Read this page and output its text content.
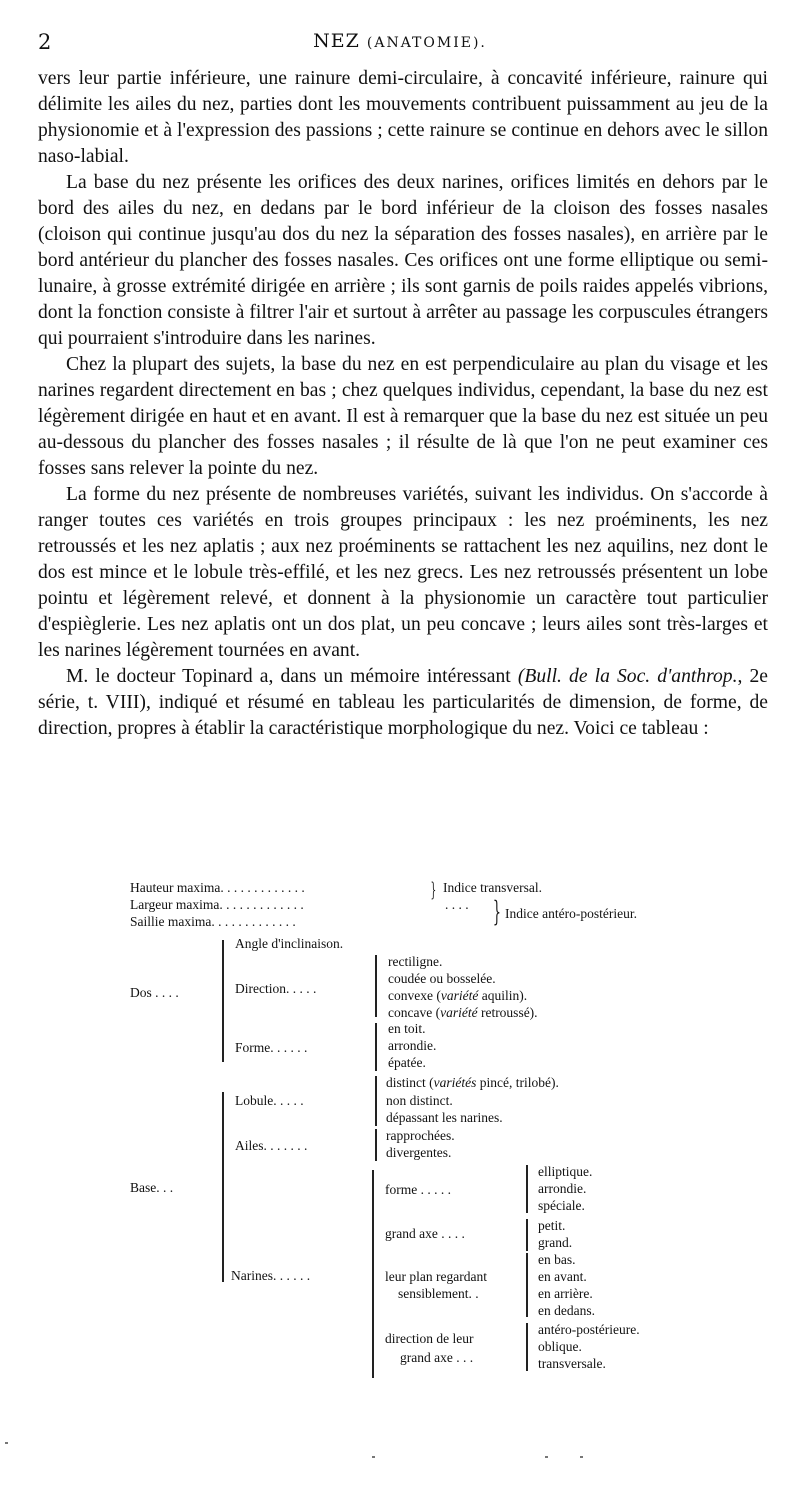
2	NEZ (ANATOMIE).

vers leur partie inférieure, une rainure demi-circulaire, à concavité inférieure, rainure qui délimite les ailes du nez, parties dont les mouvements contribuent puissamment au jeu de la physionomie et à l'expression des passions ; cette rainure se continue en dehors avec le sillon naso-labial.

La base du nez présente les orifices des deux narines, orifices limités en dehors par le bord des ailes du nez, en dedans par le bord inférieur de la cloison des fosses nasales (cloison qui continue jusqu'au dos du nez la séparation des fosses nasales), en arrière par le bord antérieur du plancher des fosses nasales. Ces orifices ont une forme elliptique ou semi-lunaire, à grosse extrémité dirigée en arrière ; ils sont garnis de poils raides appelés vibrions, dont la fonction consiste à filtrer l'air et surtout à arrêter au passage les corpuscules étrangers qui pourraient s'introduire dans les narines.

Chez la plupart des sujets, la base du nez en est perpendiculaire au plan du visage et les narines regardent directement en bas ; chez quelques individus, cependant, la base du nez est légèrement dirigée en haut et en avant. Il est à remarquer que la base du nez est située un peu au-dessous du plancher des fosses nasales ; il résulte de là que l'on ne peut examiner ces fosses sans relever la pointe du nez.

La forme du nez présente de nombreuses variétés, suivant les individus. On s'accorde à ranger toutes ces variétés en trois groupes principaux : les nez proéminents, les nez retroussés et les nez aplatis ; aux nez proéminents se rattachent les nez aquilins, nez dont le dos est mince et le lobule très-effilé, et les nez grecs. Les nez retroussés présentent un lobe pointu et légèrement relevé, et donnent à la physionomie un caractère tout particulier d'espièglerie. Les nez aplatis ont un dos plat, un peu concave ; leurs ailes sont très-larges et les narines légèrement tournées en avant.

M. le docteur Topinard a, dans un mémoire intéressant (Bull. de la Soc. d'anthrop., 2e série, t. VIII), indiqué et résumé en tableau les particularités de dimension, de forme, de direction, propres à établir la caractéristique morphologique du nez. Voici ce tableau :

Hauteur maxima. . . . . . . . . . . . .
Largeur maxima. . . . . . . . . . . . .
Saillie maxima. . . . . . . . . . . . .
. . . .
} Indice transversal.
} Indice antéro-postérieur.
Dos . . . .
Angle d'inclinaison.
Direction. . . . .
rectiligne.
coudée ou bosselée.
convexe (variété aquilin).
concave (variété retroussé).
Forme. . . . . .
en toit.
arrondie.
épatée.
Base. . .
Lobule. . . . .
distinct (variétés pincé, trilobé).
non distinct.
dépassant les narines.
Ailes. . . . . . .
rapprochées.
divergentes.
Narines. . . . . .
forme . . . . .
elliptique.
arrondie.
spéciale.
grand axe . . . .
petit.
grand.
leur plan regardant
sensiblement. .
en bas.
en avant.
en arrière.
en dedans.
direction de leur
grand axe . . .
antéro-postérieure.
oblique.
transversale.
